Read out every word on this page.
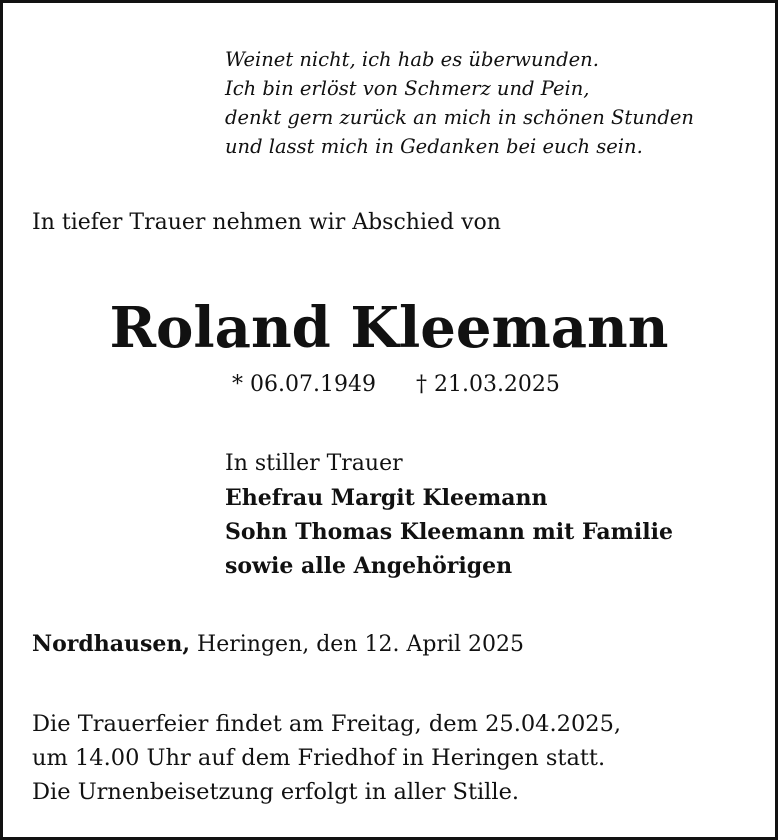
Weinet nicht, ich hab es überwunden.
Ich bin erlöst von Schmerz und Pein,
denkt gern zurück an mich in schönen Stunden
und lasst mich in Gedanken bei euch sein.
In tiefer Trauer nehmen wir Abschied von
Roland Kleemann
* 06.07.1949 † 21.03.2025
In stiller Trauer
Ehefrau Margit Kleemann
Sohn Thomas Kleemann mit Familie
sowie alle Angehörigen
Nordhausen, Heringen, den 12. April 2025
Die Trauerfeier findet am Freitag, dem 25.04.2025,
um 14.00 Uhr auf dem Friedhof in Heringen statt.
Die Urnenbeisetzung erfolgt in aller Stille.
